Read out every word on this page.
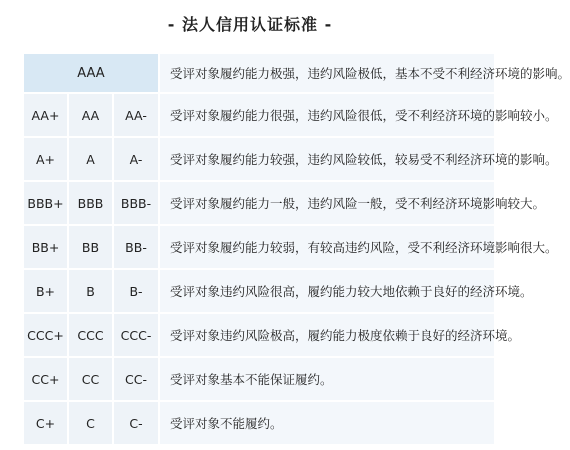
- 法人信用认证标准 -
AAA			受评对象履约能力极强，违约风险极低，基本不受不利经济环境的影响。
AA+	AA	AA-	受评对象履约能力很强，违约风险很低，受不利经济环境的影响较小。
A+	A	A-	受评对象履约能力较强，违约风险较低，较易受不利经济环境的影响。
BBB+	BBB	BBB-	受评对象履约能力一般，违约风险一般，受不利经济环境影响较大。
BB+	BB	BB-	受评对象履约能力较弱，有较高违约风险，受不利经济环境影响很大。
B+	B	B-	受评对象违约风险很高，履约能力较大地依赖于良好的经济环境。
CCC+	CCC	CCC-	受评对象违约风险极高，履约能力极度依赖于良好的经济环境。
CC+	CC	CC-	受评对象基本不能保证履约。
C+	C	C-	受评对象不能履约。
